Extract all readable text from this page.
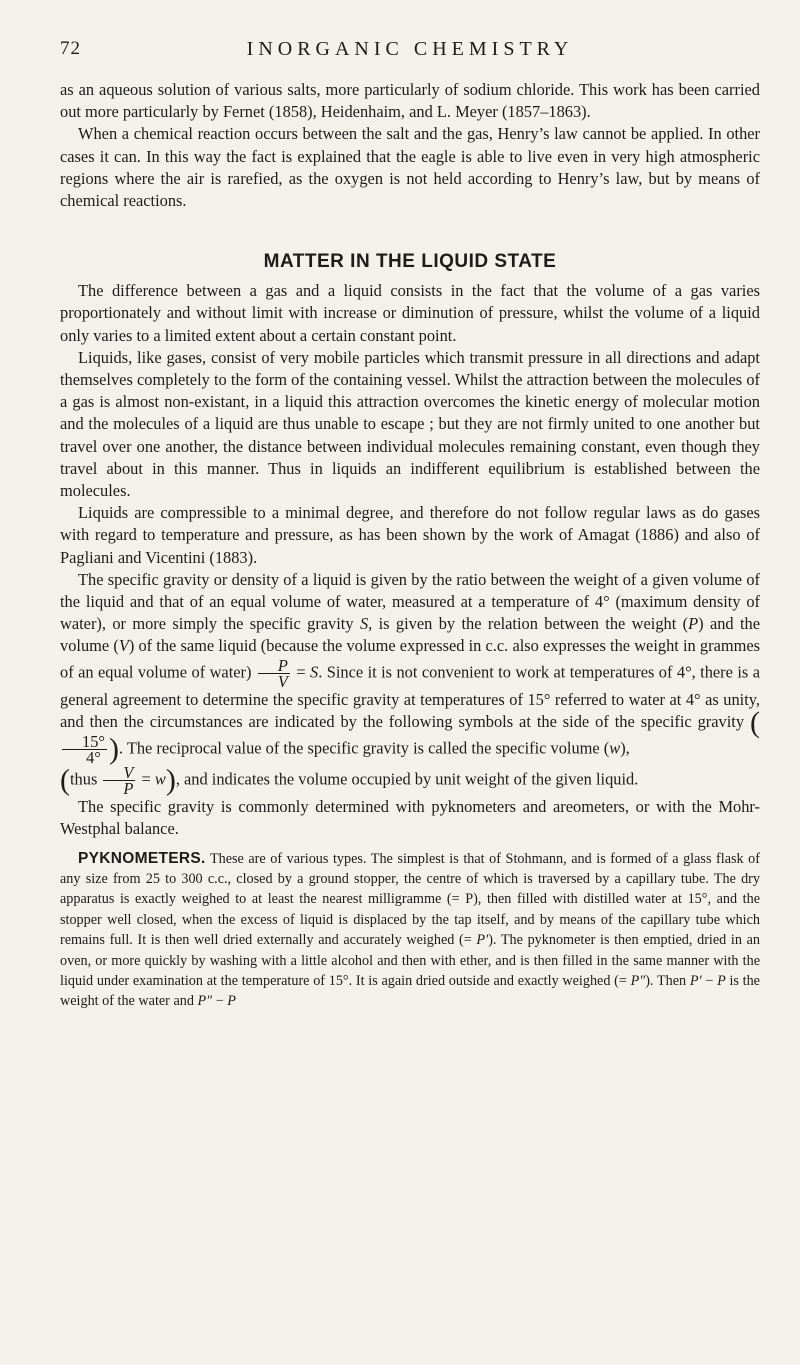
72	INORGANIC CHEMISTRY

as an aqueous solution of various salts, more particularly of sodium chloride. This work has been carried out more particularly by Fernet (1858), Heidenhaim, and L. Meyer (1857–1863).

When a chemical reaction occurs between the salt and the gas, Henry’s law cannot be applied. In other cases it can. In this way the fact is explained that the eagle is able to live even in very high atmospheric regions where the air is rarefied, as the oxygen is not held according to Henry’s law, but by means of chemical reactions.

MATTER IN THE LIQUID STATE

The difference between a gas and a liquid consists in the fact that the volume of a gas varies proportionately and without limit with increase or diminution of pressure, whilst the volume of a liquid only varies to a limited extent about a certain constant point.

Liquids, like gases, consist of very mobile particles which transmit pressure in all directions and adapt themselves completely to the form of the containing vessel. Whilst the attraction between the molecules of a gas is almost non-existant, in a liquid this attraction overcomes the kinetic energy of molecular motion and the molecules of a liquid are thus unable to escape ; but they are not firmly united to one another but travel over one another, the distance between individual molecules remaining constant, even though they travel about in this manner. Thus in liquids an indifferent equilibrium is established between the molecules.

Liquids are compressible to a minimal degree, and therefore do not follow regular laws as do gases with regard to temperature and pressure, as has been shown by the work of Amagat (1886) and also of Pagliani and Vicentini (1883).

The specific gravity or density of a liquid is given by the ratio between the weight of a given volume of the liquid and that of an equal volume of water, measured at a temperature of 4° (maximum density of water), or more simply the specific gravity S, is given by the relation between the weight (P) and the volume (V) of the same liquid (because the volume expressed in c.c. also expresses the weight in grammes of an equal volume of water) $\frac{P}{V} = S$. Since it is not convenient to work at temperatures of 4°, there is a general agreement to determine the specific gravity at temperatures of 15° referred to water at 4° as unity, and then the circumstances are indicated by the following symbols at the side of the specific gravity (
$\frac{15^\circ}{4^\circ}$ ). The reciprocal value of the specific gravity is called the specific volume (w),
(thus $\frac{V}{P} = w$), and indicates the volume occupied by unit weight of the given liquid.

The specific gravity is commonly determined with pyknometers and areometers, or with the Mohr-Westphal balance.

PYKNOMETERS. These are of various types. The simplest is that of Stohmann, and is formed of a glass flask of any size from 25 to 300 c.c., closed by a ground stopper, the centre of which is traversed by a capillary tube. The dry apparatus is exactly weighed to at least the nearest milligramme (= P), then filled with distilled water at 15°, and the stopper well closed, when the excess of liquid is displaced by the tap itself, and by means of the capillary tube which remains full. It is then well dried externally and accurately weighed (= P′). The pyknometer is then emptied, dried in an oven, or more quickly by washing with a little alcohol and then with ether, and is then filled in the same manner with the liquid under examination at the temperature of 15°. It is again dried outside and exactly weighed (= P″). Then P′ − P is the weight of the water and P″ − P
